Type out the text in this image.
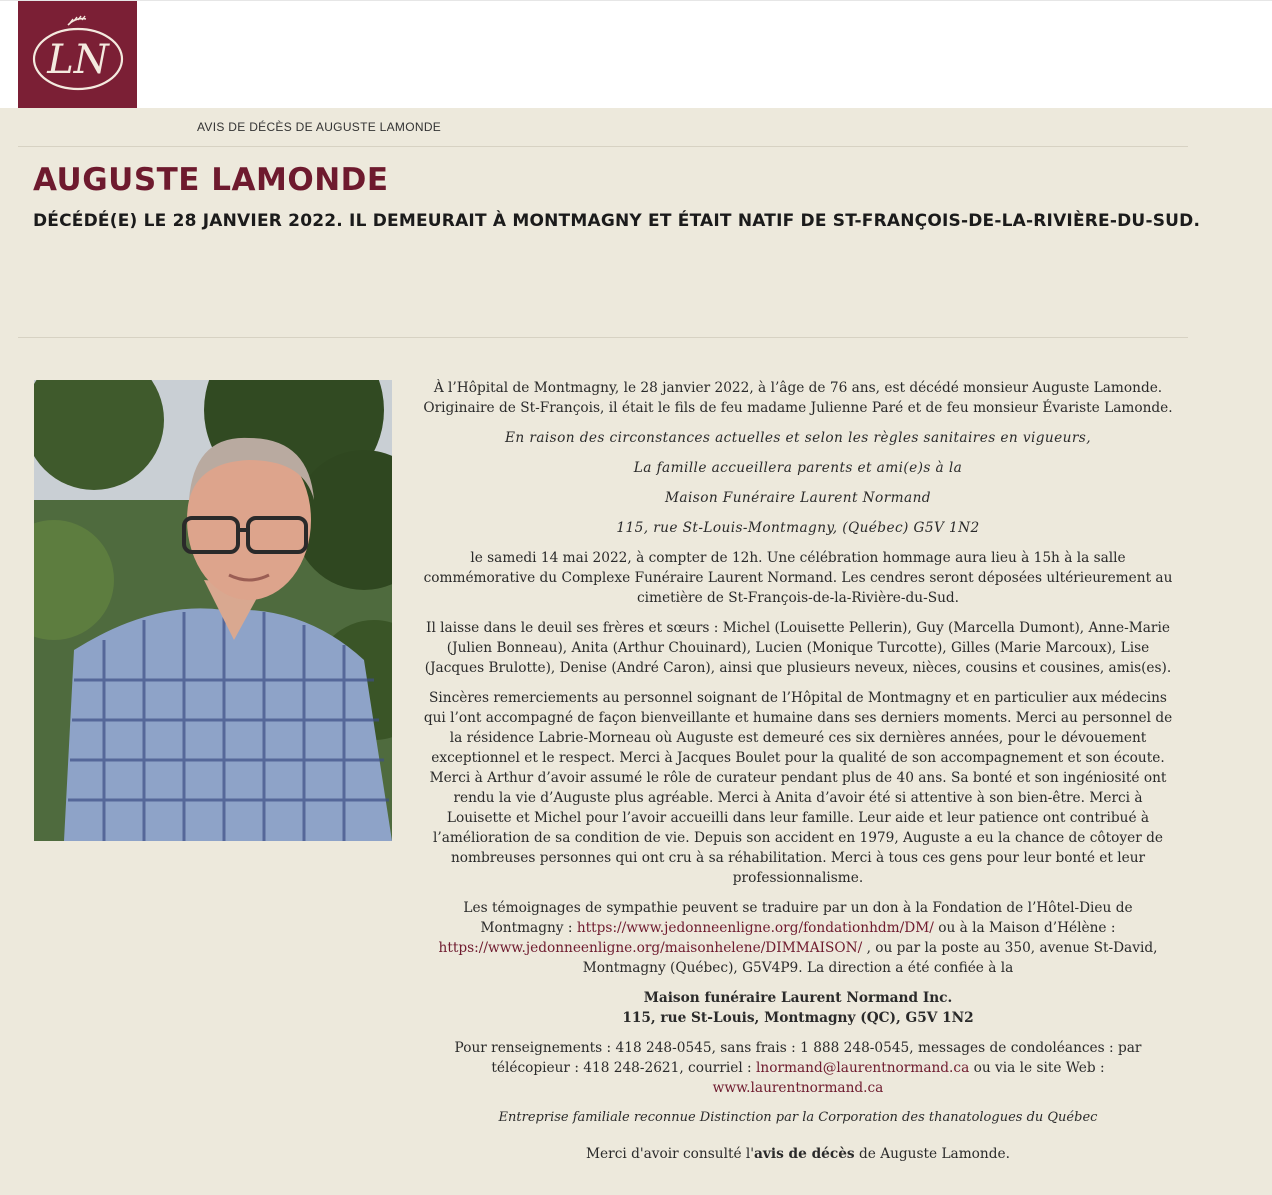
LN
AVIS DE DÉCÈS DE AUGUSTE LAMONDE
AUGUSTE LAMONDE
DÉCÉDÉ(E) LE 28 JANVIER 2022. IL DEMEURAIT À MONTMAGNY ET ÉTAIT NATIF DE ST-FRANÇOIS-DE-LA-RIVIÈRE-DU-SUD.

À l’Hôpital de Montmagny, le 28 janvier 2022, à l’âge de 76 ans, est décédé monsieur Auguste Lamonde.
Originaire de St-François, il était le fils de feu madame Julienne Paré et de feu monsieur Évariste Lamonde.

En raison des circonstances actuelles et selon les règles sanitaires en vigueurs,

La famille accueillera parents et ami(e)s à la

Maison Funéraire Laurent Normand

115, rue St-Louis-Montmagny, (Québec) G5V 1N2

le samedi 14 mai 2022, à compter de 12h. Une célébration hommage aura lieu à 15h à la salle commémorative du Complexe Funéraire Laurent Normand. Les cendres seront déposées ultérieurement au cimetière de St-François-de-la-Rivière-du-Sud.

Il laisse dans le deuil ses frères et sœurs : Michel (Louisette Pellerin), Guy (Marcella Dumont), Anne-Marie (Julien Bonneau), Anita (Arthur Chouinard), Lucien (Monique Turcotte), Gilles (Marie Marcoux), Lise (Jacques Brulotte), Denise (André Caron), ainsi que plusieurs neveux, nièces, cousins et cousines, amis(es).

Sincères remerciements au personnel soignant de l’Hôpital de Montmagny et en particulier aux médecins qui l’ont accompagné de façon bienveillante et humaine dans ses derniers moments. Merci au personnel de la résidence Labrie-Morneau où Auguste est demeuré ces six dernières années, pour le dévouement exceptionnel et le respect. Merci à Jacques Boulet pour la qualité de son accompagnement et son écoute. Merci à Arthur d’avoir assumé le rôle de curateur pendant plus de 40 ans. Sa bonté et son ingéniosité ont rendu la vie d’Auguste plus agréable. Merci à Anita d’avoir été si attentive à son bien-être. Merci à Louisette et Michel pour l’avoir accueilli dans leur famille. Leur aide et leur patience ont contribué à l’amélioration de sa condition de vie. Depuis son accident en 1979, Auguste a eu la chance de côtoyer de nombreuses personnes qui ont cru à sa réhabilitation. Merci à tous ces gens pour leur bonté et leur professionnalisme.

Les témoignages de sympathie peuvent se traduire par un don à la Fondation de l’Hôtel-Dieu de Montmagny : https://www.jedonneenligne.org/fondationhdm/DM/ ou à la Maison d’Hélène : https://www.jedonneenligne.org/maisonhelene/DIMMAISON/ , ou par la poste au 350, avenue St-David, Montmagny (Québec), G5V4P9. La direction a été confiée à la

Maison funéraire Laurent Normand Inc.
115, rue St-Louis, Montmagny (QC), G5V 1N2

Pour renseignements : 418 248-0545, sans frais : 1 888 248-0545, messages de condoléances : par télécopieur : 418 248-2621, courriel : lnormand@laurentnormand.ca ou via le site Web :
www.laurentnormand.ca

Entreprise familiale reconnue Distinction par la Corporation des thanatologues du Québec

Merci d'avoir consulté l'avis de décès de Auguste Lamonde.
